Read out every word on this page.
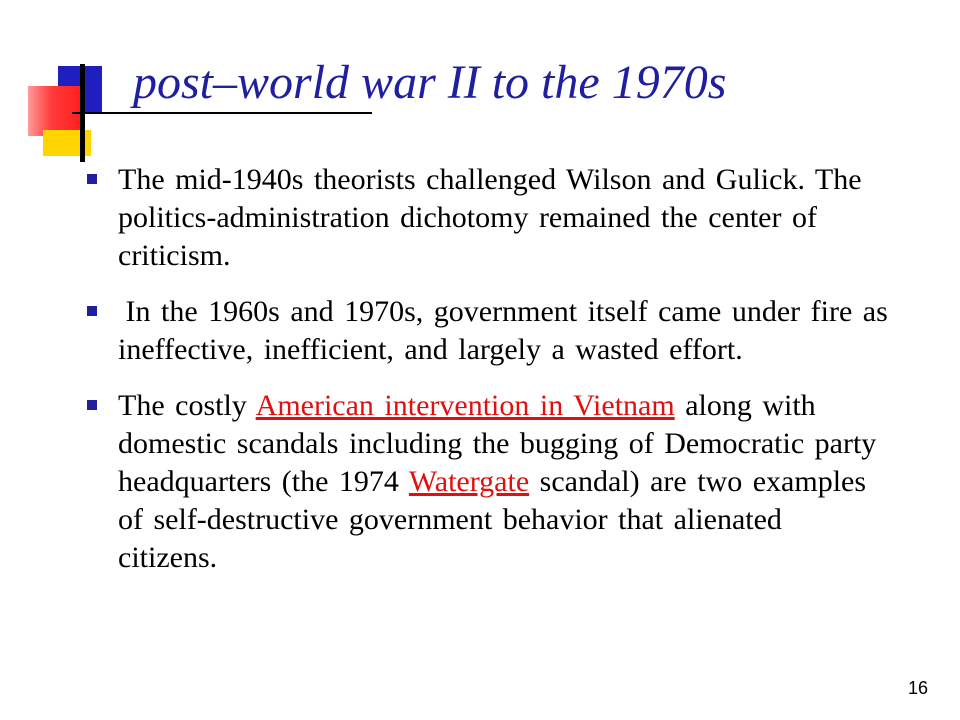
post–world war II to the 1970s
The mid-1940s theorists challenged Wilson and Gulick. The politics-administration dichotomy remained the center of criticism.
In the 1960s and 1970s, government itself came under fire as ineffective, inefficient, and largely a wasted effort.
The costly American intervention in Vietnam along with domestic scandals including the bugging of Democratic party headquarters (the 1974 Watergate scandal) are two examples of self-destructive government behavior that alienated citizens.
16
